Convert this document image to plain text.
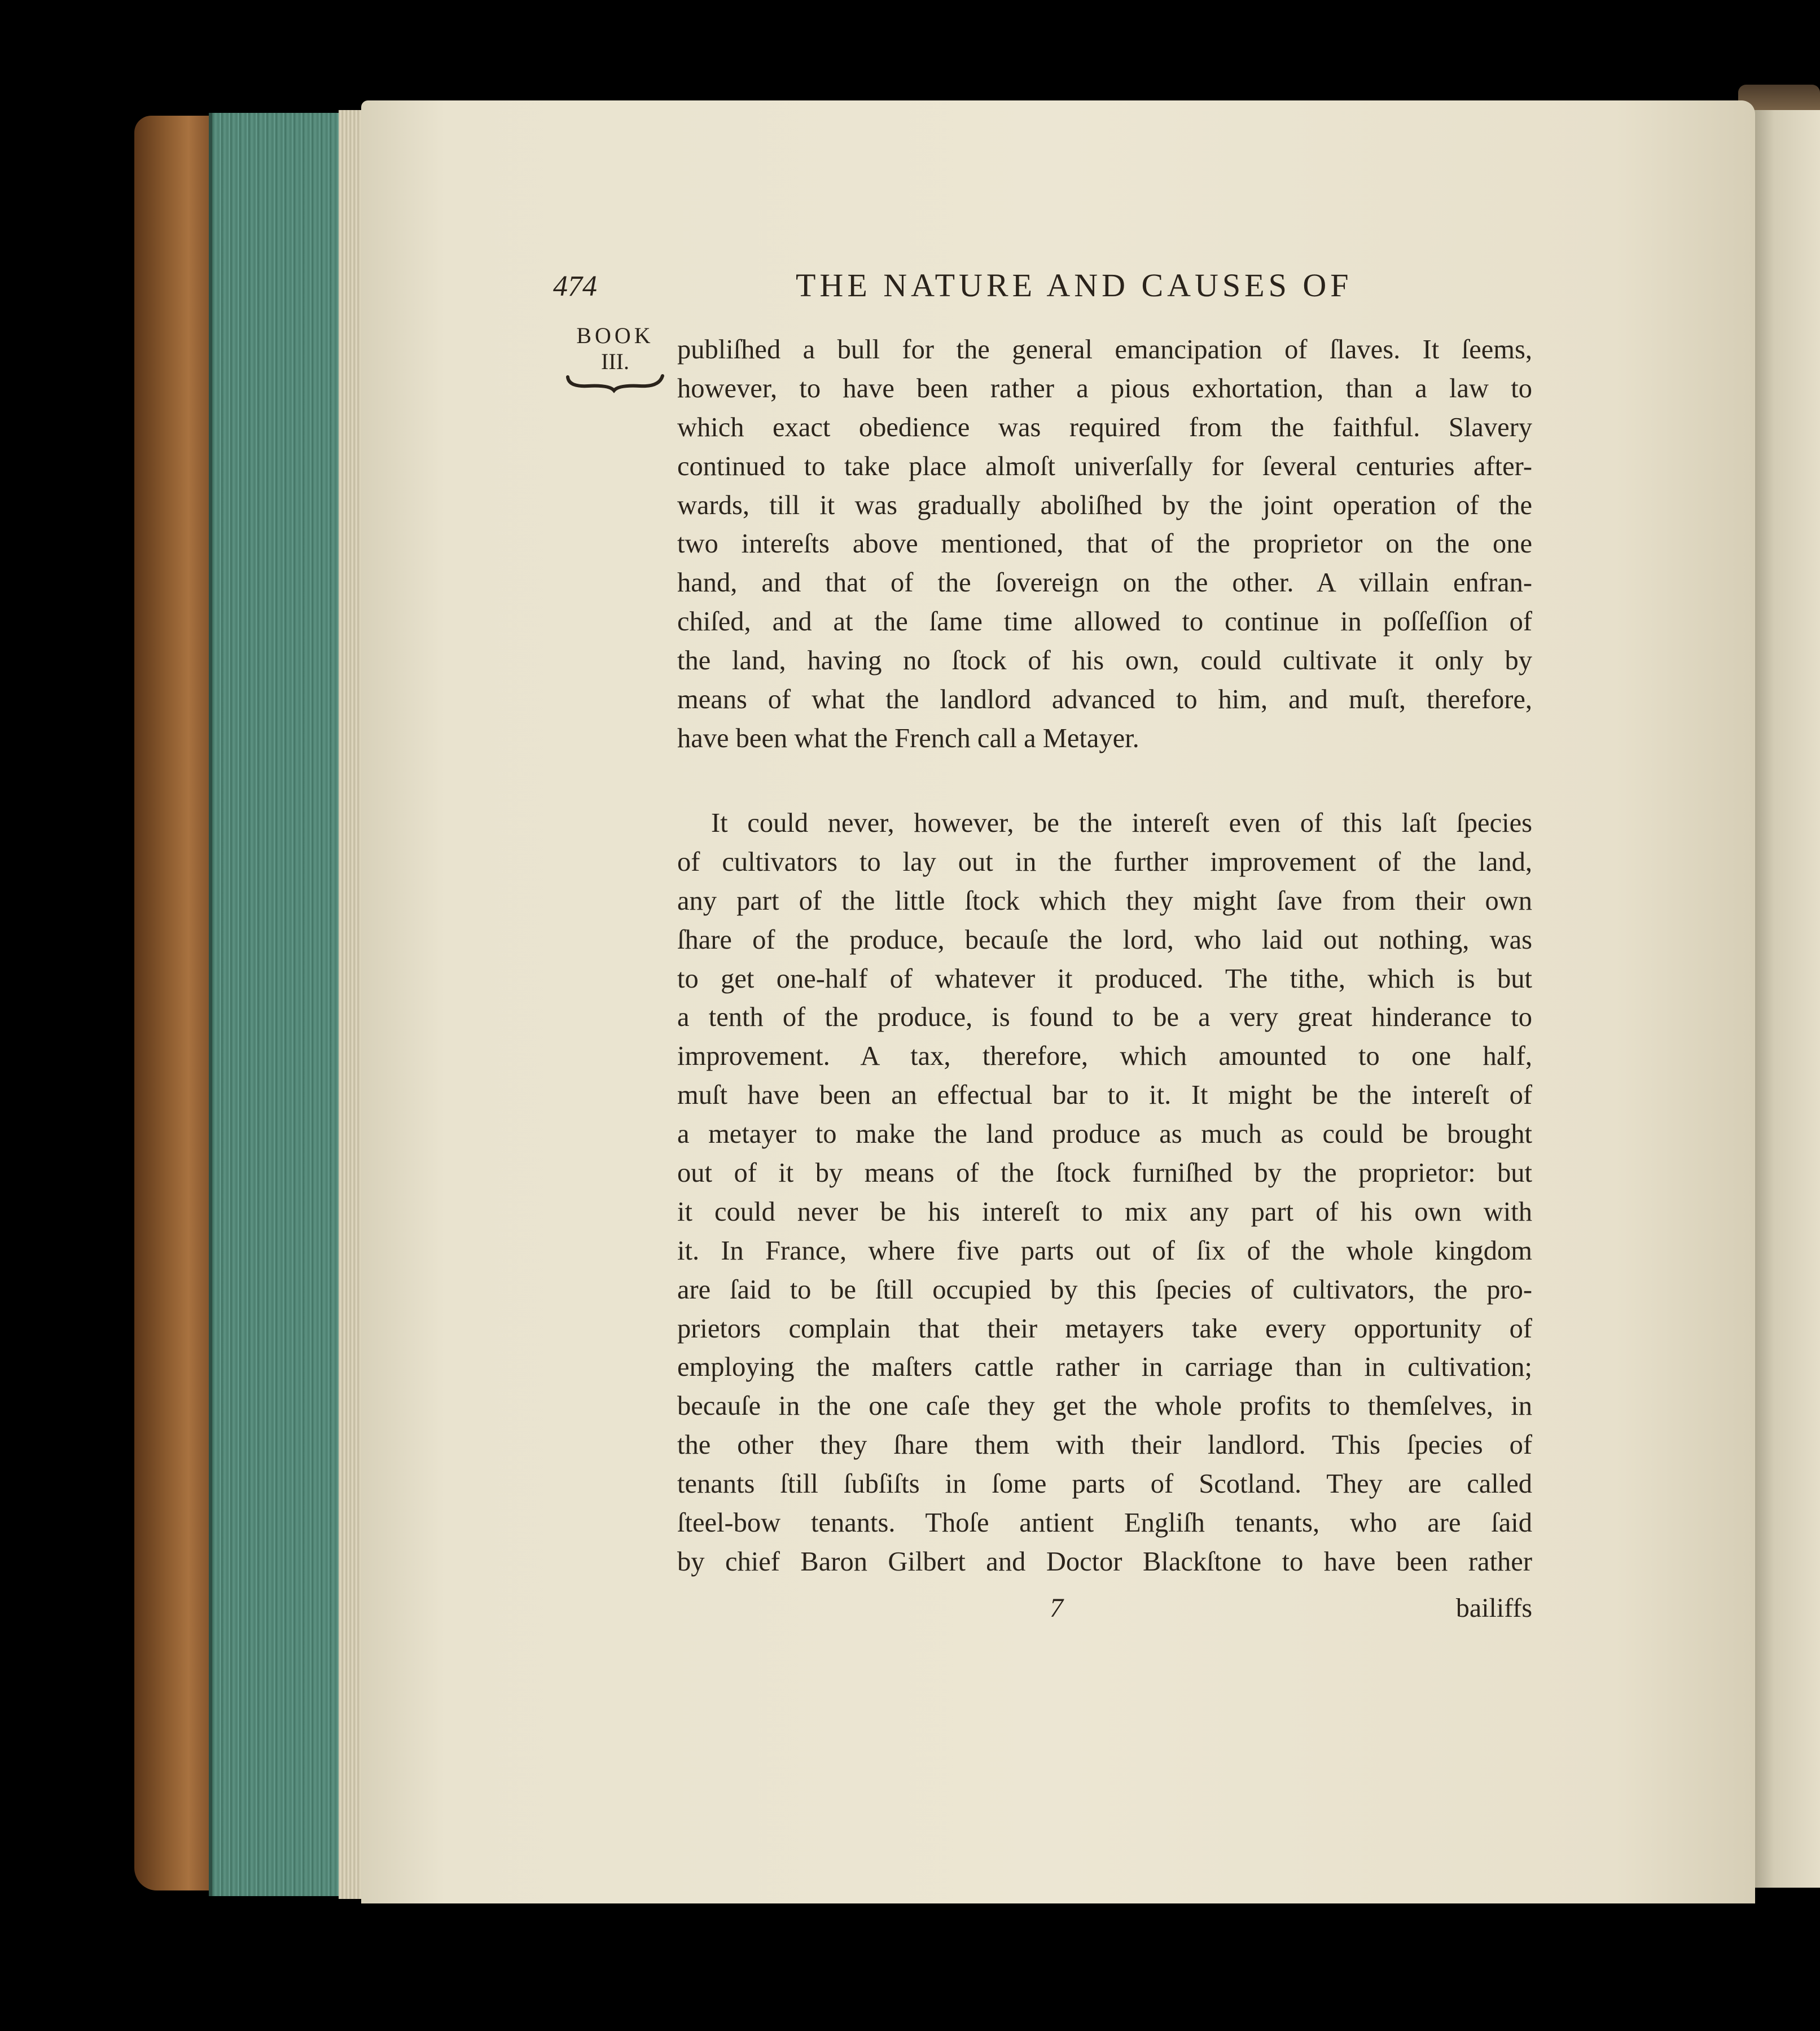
474	THE NATURE AND CAUSES OF
BOOK
III.	publiſhed a bull for the general emancipation of ſlaves. It ſeems,
however, to have been rather a pious exhortation, than a law to
which exact obedience was required from the faithful. Slavery
continued to take place almoſt univerſally for ſeveral centuries after-
wards, till it was gradually aboliſhed by the joint operation of the
two intereſts above mentioned, that of the proprietor on the one
hand, and that of the ſovereign on the other. A villain enfran-
chiſed, and at the ſame time allowed to continue in poſſeſſion of
the land, having no ſtock of his own, could cultivate it only by
means of what the landlord advanced to him, and muſt, therefore,
have been what the French call a Metayer.
It could never, however, be the intereſt even of this laſt ſpecies
of cultivators to lay out in the further improvement of the land,
any part of the little ſtock which they might ſave from their own
ſhare of the produce, becauſe the lord, who laid out nothing, was
to get one-half of whatever it produced. The tithe, which is but
a tenth of the produce, is found to be a very great hinderance to
improvement. A tax, therefore, which amounted to one half,
muſt have been an effectual bar to it. It might be the intereſt of
a metayer to make the land produce as much as could be brought
out of it by means of the ſtock furniſhed by the proprietor: but
it could never be his intereſt to mix any part of his own with
it. In France, where five parts out of ſix of the whole kingdom
are ſaid to be ſtill occupied by this ſpecies of cultivators, the pro-
prietors complain that their metayers take every opportunity of
employing the maſters cattle rather in carriage than in cultivation;
becauſe in the one caſe they get the whole profits to themſelves, in
the other they ſhare them with their landlord. This ſpecies of
tenants ſtill ſubſiſts in ſome parts of Scotland. They are called
ſteel-bow tenants. Thoſe antient Engliſh tenants, who are ſaid
by chief Baron Gilbert and Doctor Blackſtone to have been rather
7	bailiffs
